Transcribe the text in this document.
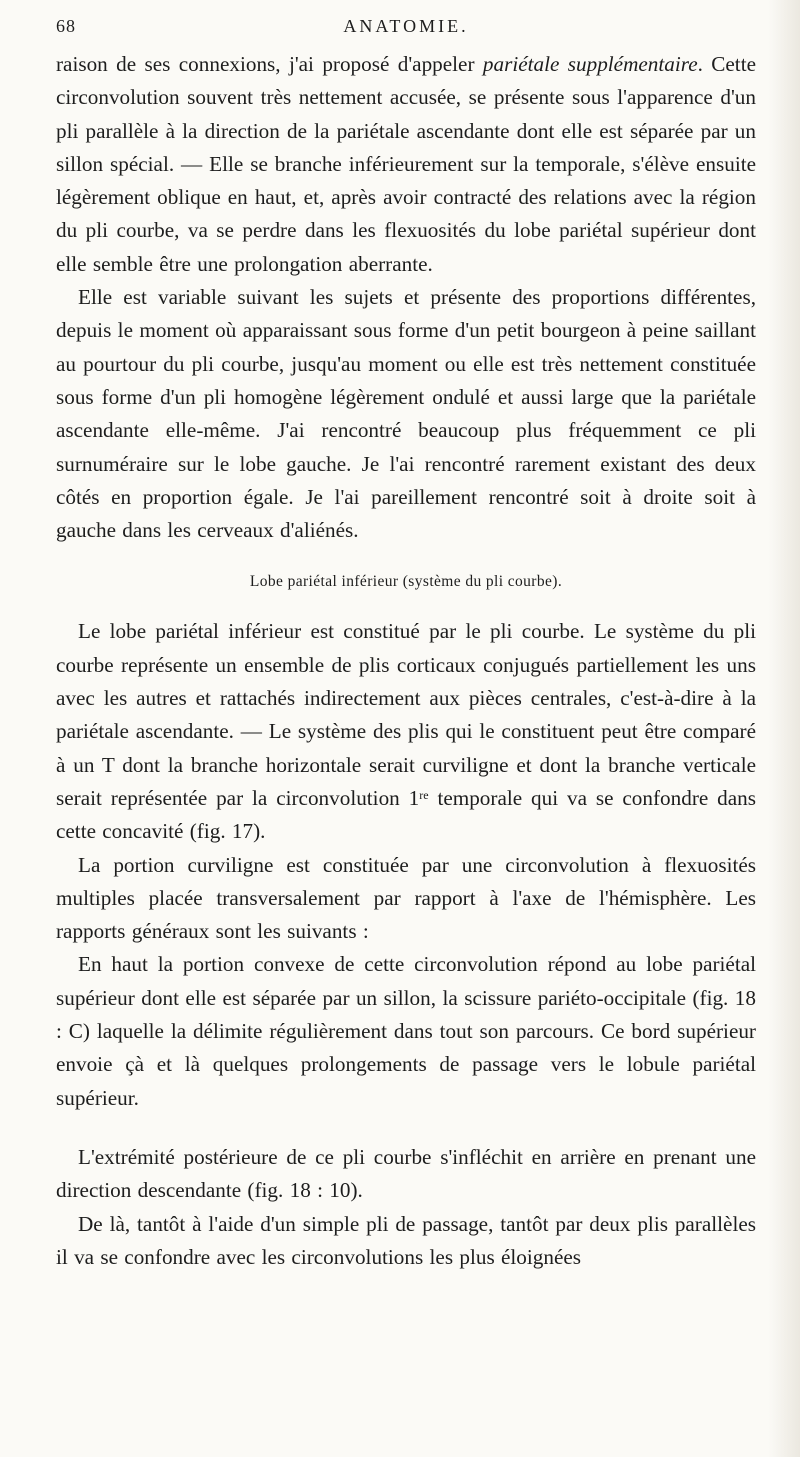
68	ANATOMIE.

raison de ses connexions, j'ai proposé d'appeler pariétale supplémentaire. Cette circonvolution souvent très nettement accusée, se présente sous l'apparence d'un pli parallèle à la direction de la pariétale ascendante dont elle est séparée par un sillon spécial. — Elle se branche inférieurement sur la temporale, s'élève ensuite légèrement oblique en haut, et, après avoir contracté des relations avec la région du pli courbe, va se perdre dans les flexuosités du lobe pariétal supérieur dont elle semble être une prolongation aberrante.

Elle est variable suivant les sujets et présente des proportions différentes, depuis le moment où apparaissant sous forme d'un petit bourgeon à peine saillant au pourtour du pli courbe, jusqu'au moment ou elle est très nettement constituée sous forme d'un pli homogène légèrement ondulé et aussi large que la pariétale ascendante elle-même. J'ai rencontré beaucoup plus fréquemment ce pli surnuméraire sur le lobe gauche. Je l'ai rencontré rarement existant des deux côtés en proportion égale. Je l'ai pareillement rencontré soit à droite soit à gauche dans les cerveaux d'aliénés.

Lobe pariétal inférieur (système du pli courbe).

Le lobe pariétal inférieur est constitué par le pli courbe. Le système du pli courbe représente un ensemble de plis corticaux conjugués partiellement les uns avec les autres et rattachés indirectement aux pièces centrales, c'est-à-dire à la pariétale ascendante. — Le système des plis qui le constituent peut être comparé à un T dont la branche horizontale serait curviligne et dont la branche verticale serait représentée par la circonvolution 1re temporale qui va se confondre dans cette concavité (fig. 17).

La portion curviligne est constituée par une circonvolution à flexuosités multiples placée transversalement par rapport à l'axe de l'hémisphère. Les rapports généraux sont les suivants :

En haut la portion convexe de cette circonvolution répond au lobe pariétal supérieur dont elle est séparée par un sillon, la scissure pariéto-occipitale (fig. 18 : C) laquelle la délimite régulièrement dans tout son parcours. Ce bord supérieur envoie çà et là quelques prolongements de passage vers le lobule pariétal supérieur.

L'extrémité postérieure de ce pli courbe s'infléchit en arrière en prenant une direction descendante (fig. 18 : 10).

De là, tantôt à l'aide d'un simple pli de passage, tantôt par deux plis parallèles il va se confondre avec les circonvolutions les plus éloignées
